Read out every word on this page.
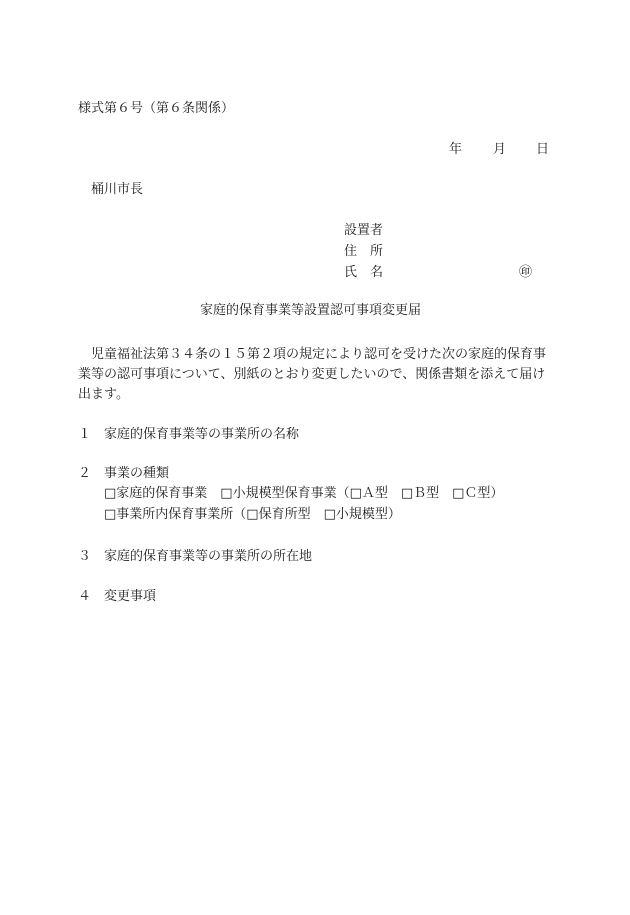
様式第６号（第６条関係）
年 月 日
桶川市長
設置者
住　所
氏　名	㊞
家庭的保育事業等設置認可事項変更届
児童福祉法第３４条の１５第２項の規定により認可を受けた次の家庭的保育事業等の認可事項について、別紙のとおり変更したいので、関係書類を添えて届け出ます。
１ 家庭的保育事業等の事業所の名称
２ 事業の種類
□家庭的保育事業　□小規模型保育事業（□Ａ型　□Ｂ型　□Ｃ型）
□事業所内保育事業所（□保育所型　□小規模型）
３ 家庭的保育事業等の事業所の所在地
４ 変更事項
